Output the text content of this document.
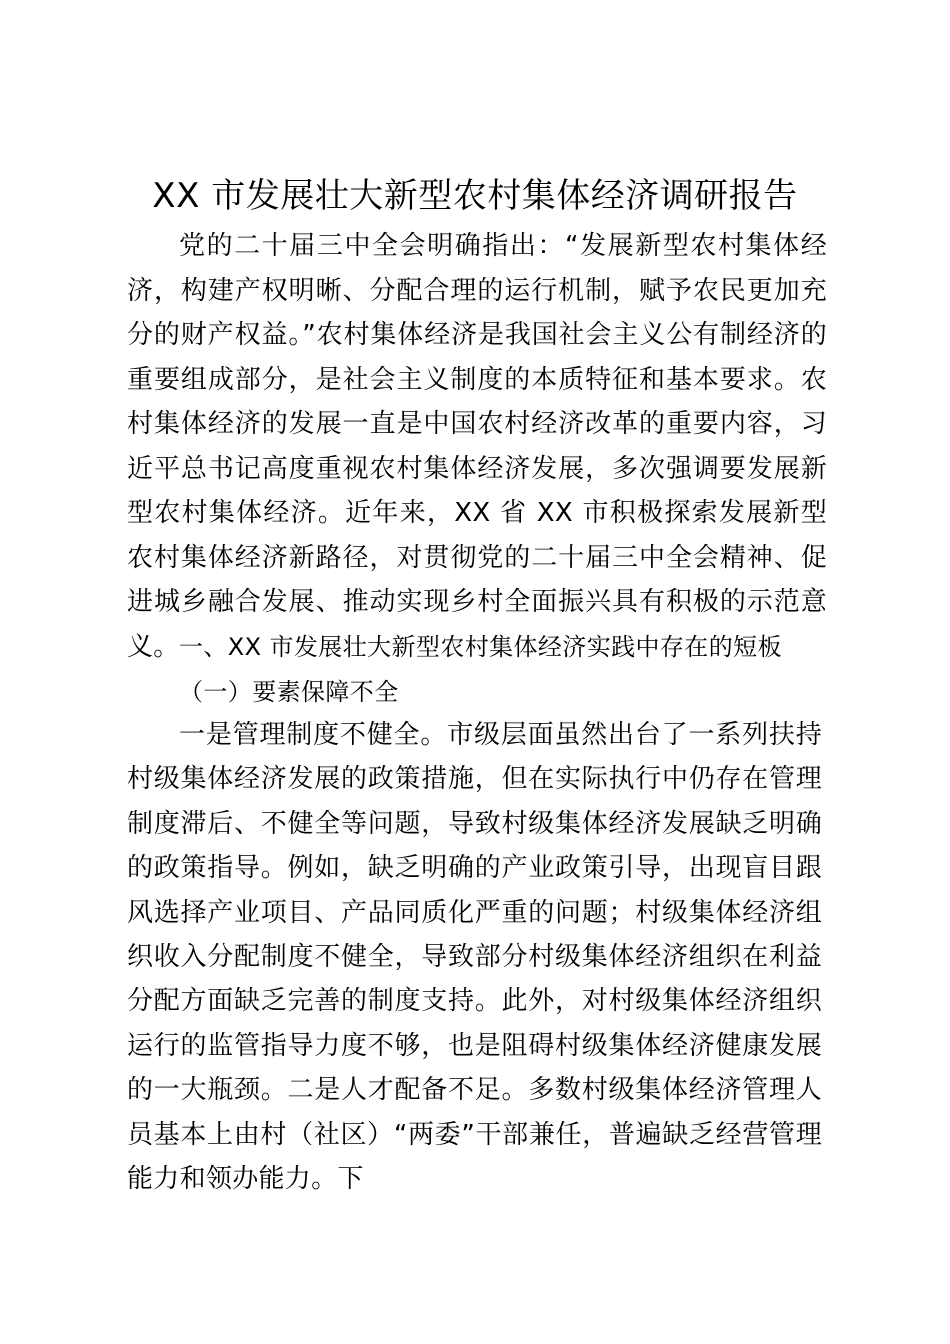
XX 市发展壮大新型农村集体经济调研报告

党的二十届三中全会明确指出：“发展新型农村集体经济，构建产权明晰、分配合理的运行机制，赋予农民更加充分的财产权益。”农村集体经济是我国社会主义公有制经济的重要组成部分，是社会主义制度的本质特征和基本要求。农村集体经济的发展一直是中国农村经济改革的重要内容，习近平总书记高度重视农村集体经济发展，多次强调要发展新型农村集体经济。近年来，XX 省 XX 市积极探索发展新型农村集体经济新路径，对贯彻党的二十届三中全会精神、促进城乡融合发展、推动实现乡村全面振兴具有积极的示范意义。 一、XX 市发展壮大新型农村集体经济实践中存在的短板
（一）要素保障不全

一是管理制度不健全。市级层面虽然出台了一系列扶持村级集体经济发展的政策措施，但在实际执行中仍存在管理制度滞后、不健全等问题，导致村级集体经济发展缺乏明确的政策指导。例如，缺乏明确的产业政策引导，出现盲目跟风选择产业项目、产品同质化严重的问题；村级集体经济组织收入分配制度不健全，导致部分村级集体经济组织在利益分配方面缺乏完善的制度支持。此外，对村级集体经济组织运行的监管指导力度不够，也是阻碍村级集体经济健康发展的一大瓶颈。二是人才配备不足。多数村级集体经济管理人员基本上由村（社区）“两委”干部兼任，普遍缺乏经营管理能力和领办能力。下
